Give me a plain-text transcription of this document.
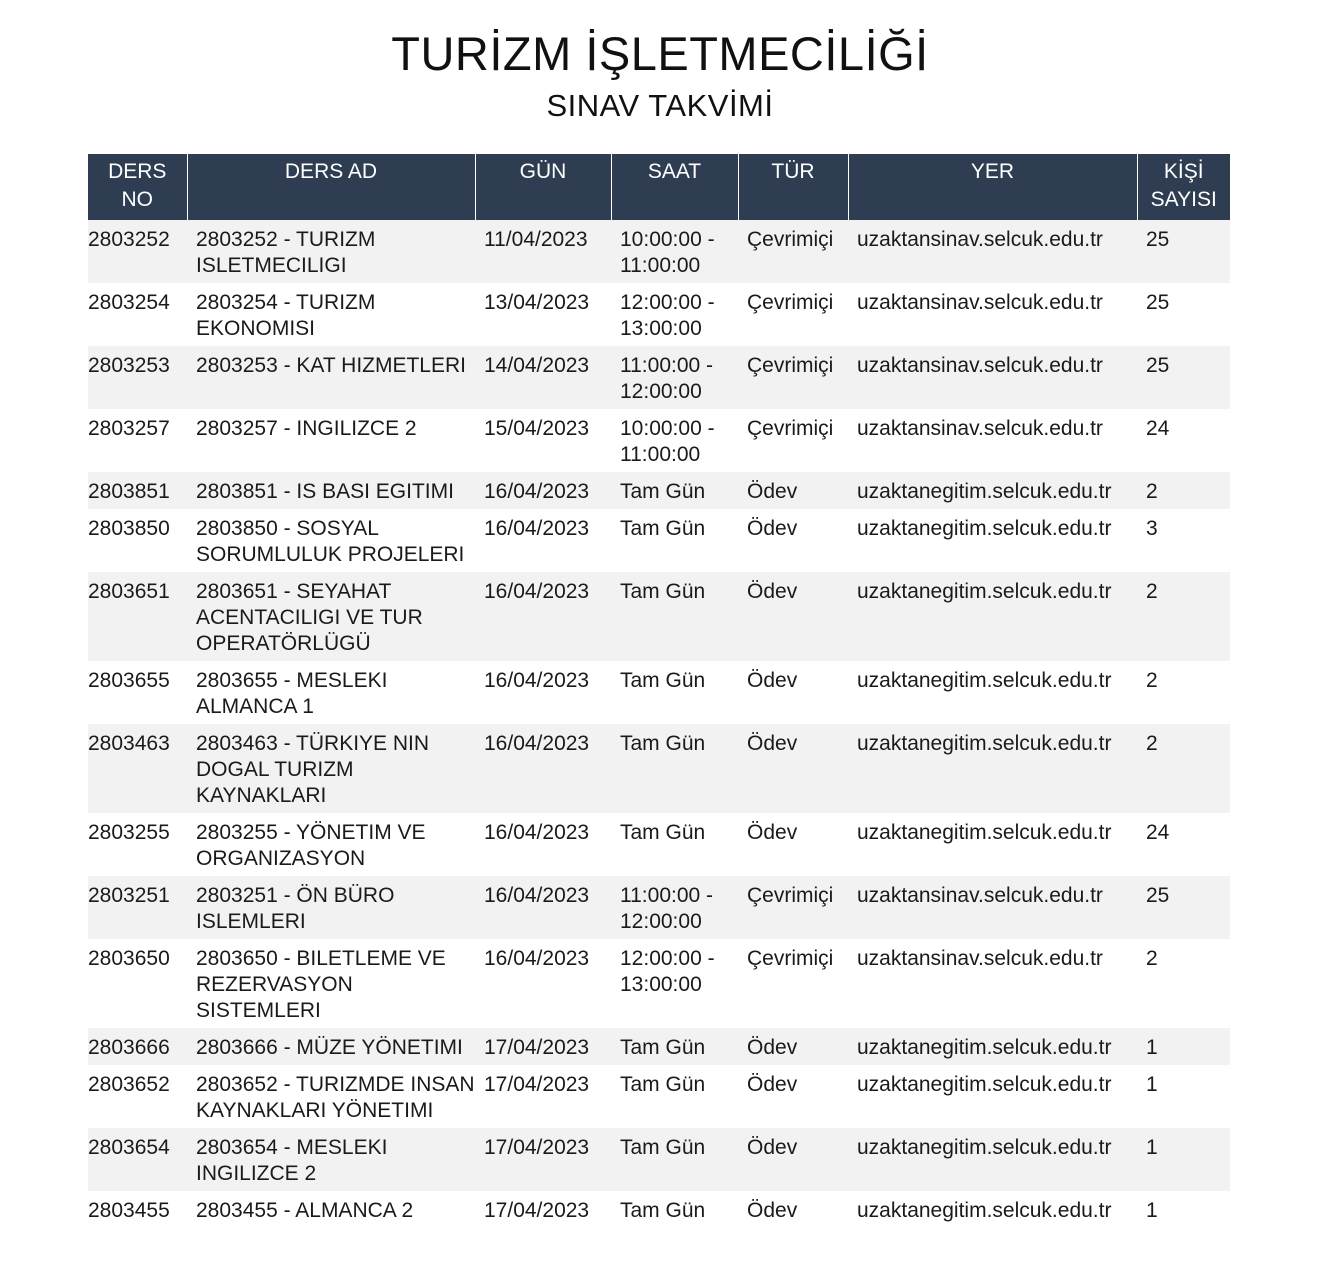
TURİZM İŞLETMECİLİĞİ
SINAV TAKVİMİ
DERS NO	DERS AD	GÜN	SAAT	TÜR	YER	KİŞİ SAYISI
2803252	2803252 - TURIZM ISLETMECILIGI	11/04/2023	10:00:00 - 11:00:00	Çevrimiçi	uzaktansinav.selcuk.edu.tr	25
2803254	2803254 - TURIZM EKONOMISI	13/04/2023	12:00:00 - 13:00:00	Çevrimiçi	uzaktansinav.selcuk.edu.tr	25
2803253	2803253 - KAT HIZMETLERI	14/04/2023	11:00:00 - 12:00:00	Çevrimiçi	uzaktansinav.selcuk.edu.tr	25
2803257	2803257 - INGILIZCE 2	15/04/2023	10:00:00 - 11:00:00	Çevrimiçi	uzaktansinav.selcuk.edu.tr	24
2803851	2803851 - IS BASI EGITIMI	16/04/2023	Tam Gün	Ödev	uzaktanegitim.selcuk.edu.tr	2
2803850	2803850 - SOSYAL SORUMLULUK PROJELERI	16/04/2023	Tam Gün	Ödev	uzaktanegitim.selcuk.edu.tr	3
2803651	2803651 - SEYAHAT ACENTACILIGI VE TUR OPERATÖRLÜGÜ	16/04/2023	Tam Gün	Ödev	uzaktanegitim.selcuk.edu.tr	2
2803655	2803655 - MESLEKI ALMANCA 1	16/04/2023	Tam Gün	Ödev	uzaktanegitim.selcuk.edu.tr	2
2803463	2803463 - TÜRKIYE NIN DOGAL TURIZM KAYNAKLARI	16/04/2023	Tam Gün	Ödev	uzaktanegitim.selcuk.edu.tr	2
2803255	2803255 - YÖNETIM VE ORGANIZASYON	16/04/2023	Tam Gün	Ödev	uzaktanegitim.selcuk.edu.tr	24
2803251	2803251 - ÖN BÜRO ISLEMLERI	16/04/2023	11:00:00 - 12:00:00	Çevrimiçi	uzaktansinav.selcuk.edu.tr	25
2803650	2803650 - BILETLEME VE REZERVASYON SISTEMLERI	16/04/2023	12:00:00 - 13:00:00	Çevrimiçi	uzaktansinav.selcuk.edu.tr	2
2803666	2803666 - MÜZE YÖNETIMI	17/04/2023	Tam Gün	Ödev	uzaktanegitim.selcuk.edu.tr	1
2803652	2803652 - TURIZMDE INSAN KAYNAKLARI YÖNETIMI	17/04/2023	Tam Gün	Ödev	uzaktanegitim.selcuk.edu.tr	1
2803654	2803654 - MESLEKI INGILIZCE 2	17/04/2023	Tam Gün	Ödev	uzaktanegitim.selcuk.edu.tr	1
2803455	2803455 - ALMANCA 2	17/04/2023	Tam Gün	Ödev	uzaktanegitim.selcuk.edu.tr	1
